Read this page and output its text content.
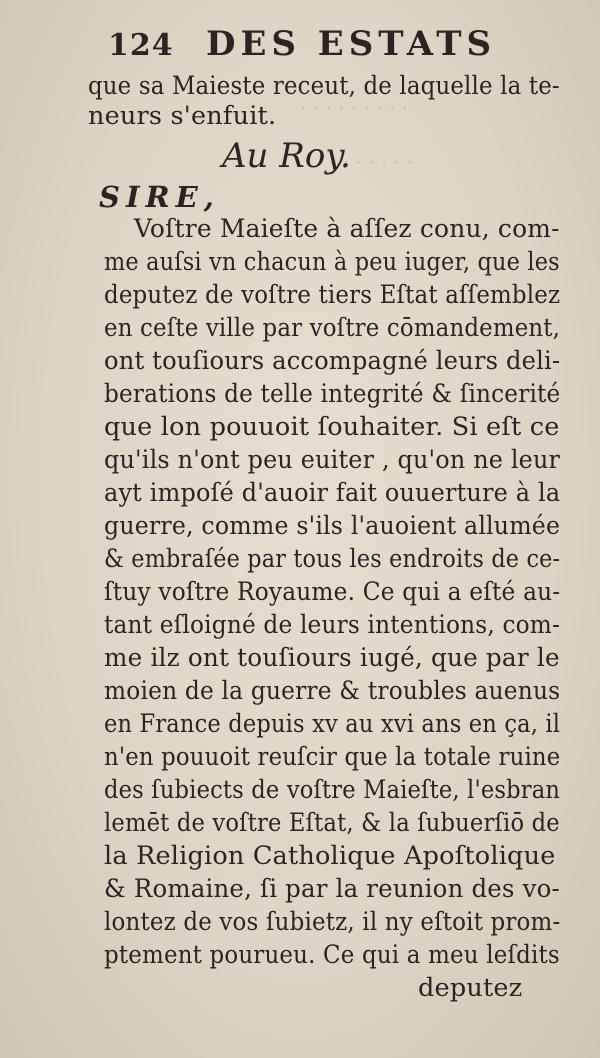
· · · · · · · · ·
· · · · · · ·
124 DES ESTATS
que sa Maieste receut, de laquelle la te-
neurs s'enfuit.
Au Roy.
SIRE,
Voſtre Maieſte à aſſez conu, com-
me auſsi vn chacun à peu iuger, que les
deputez de voſtre tiers Eſtat aſſemblez
en ceſte ville par voſtre cōmandement,
ont touſiours accompagné leurs deli-
berations de telle integrité & ſincerité
que lon pouuoit ſouhaiter. Si eſt ce
qu'ils n'ont peu euiter , qu'on ne leur
ayt impoſé d'auoir fait ouuerture à la
guerre, comme s'ils l'auoient allumée
& embraſée par tous les endroits de ce-
ſtuy voſtre Royaume. Ce qui a eſté au-
tant eſloigné de leurs intentions, com-
me ilz ont touſiours iugé, que par le
moien de la guerre & troubles auenus
en France depuis xv au xvi ans en ça, il
n'en pouuoit reuſcir que la totale ruine
des ſubiects de voſtre Maieſte, l'esbran
lemēt de voſtre Eſtat, & la ſubuerſiō de
la Religion Catholique Apoſtolique
& Romaine, ſi par la reunion des vo-
lontez de vos ſubietz, il ny eſtoit prom-
ptement pourueu. Ce qui a meu leſdits
deputez
